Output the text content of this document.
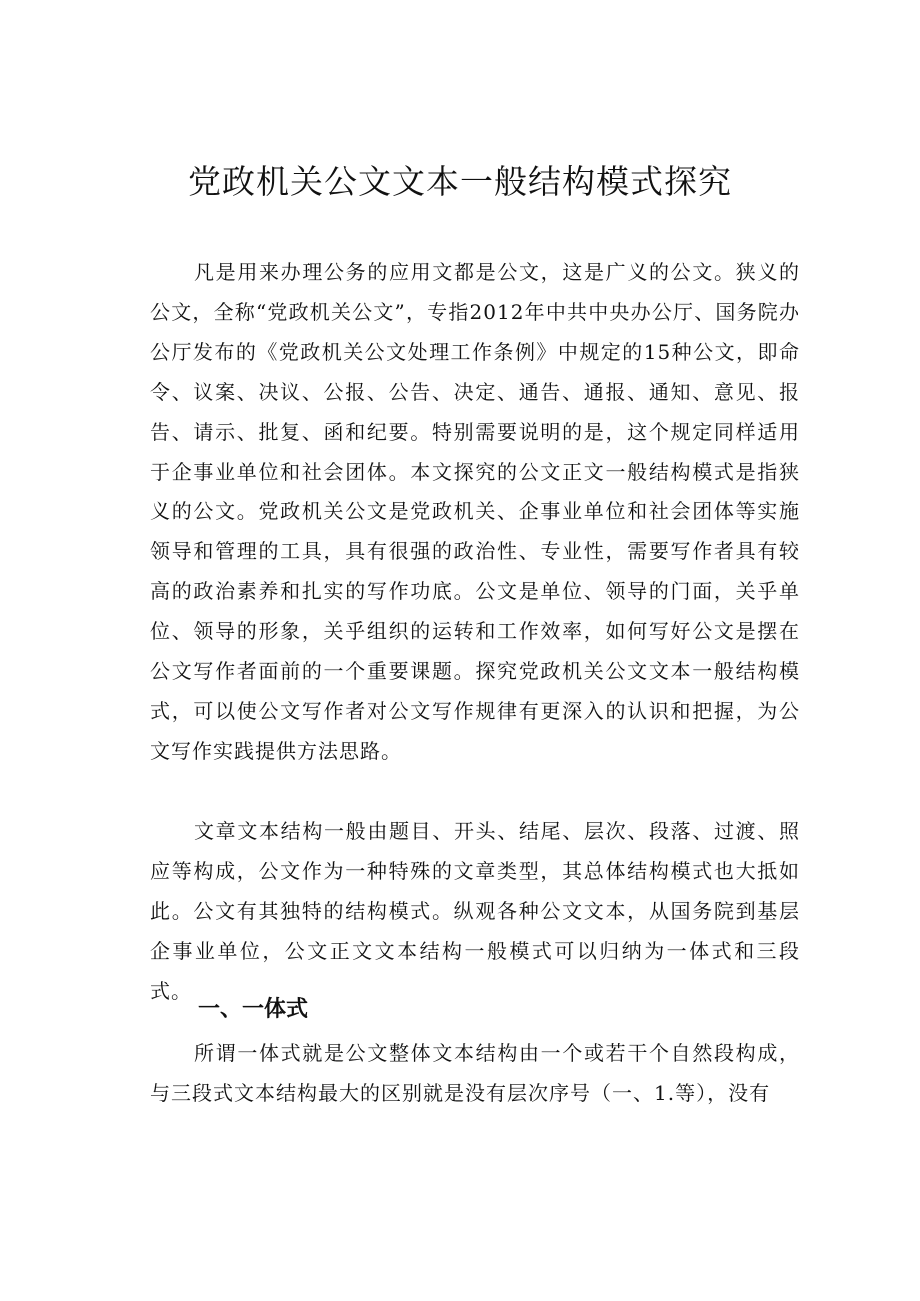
党政机关公文文本一般结构模式探究

凡是用来办理公务的应用文都是公文，这是广义的公文。狭义的公文，全称“党政机关公文”，专指2012年中共中央办公厅、国务院办公厅发布的《党政机关公文处理工作条例》中规定的15种公文，即命令、议案、决议、公报、公告、决定、通告、通报、通知、意见、报告、请示、批复、函和纪要。特别需要说明的是，这个规定同样适用于企事业单位和社会团体。本文探究的公文正文一般结构模式是指狭义的公文。党政机关公文是党政机关、企事业单位和社会团体等实施领导和管理的工具，具有很强的政治性、专业性，需要写作者具有较高的政治素养和扎实的写作功底。公文是单位、领导的门面，关乎单位、领导的形象，关乎组织的运转和工作效率，如何写好公文是摆在公文写作者面前的一个重要课题。探究党政机关公文文本一般结构模式，可以使公文写作者对公文写作规律有更深入的认识和把握，为公文写作实践提供方法思路。

文章文本结构一般由题目、开头、结尾、层次、段落、过渡、照应等构成，公文作为一种特殊的文章类型，其总体结构模式也大抵如此。公文有其独特的结构模式。纵观各种公文文本，从国务院到基层企事业单位，公文正文文本结构一般模式可以归纳为一体式和三段式。

一、一体式

所谓一体式就是公文整体文本结构由一个或若干个自然段构成，与三段式文本结构最大的区别就是没有层次序号（一、1.等），没有
